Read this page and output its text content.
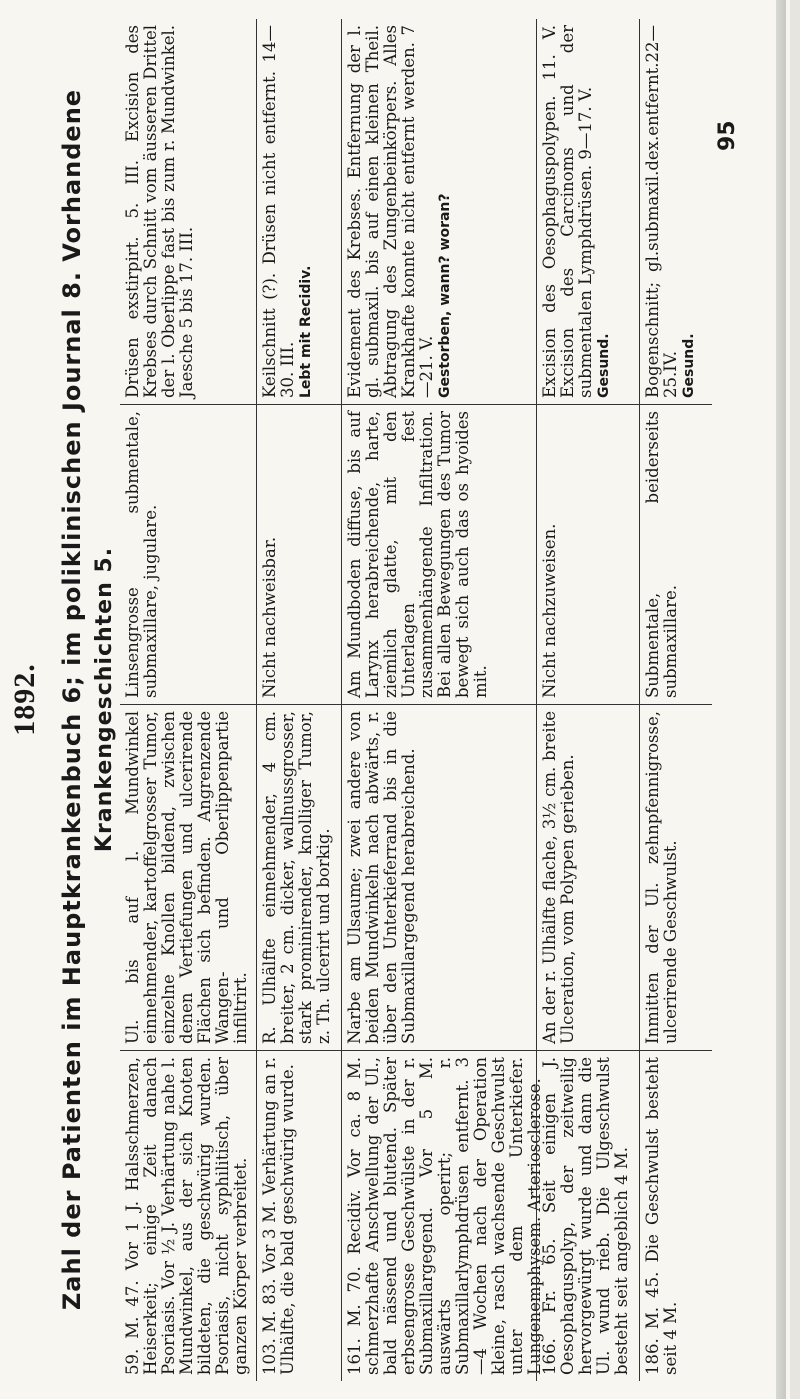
1892. Zahl der Patienten im Hauptkrankenbuch 6; im poliklinischen Journal 8. Vorhandene Krankengeschichten 5.
95
59. M. 47. Vor 1 J. Halsschmerzen, Heiserkeit; einige Zeit danach Psoriasis. Vor ½ J. Verhärtung nahe l. Mundwinkel, aus der sich Knoten bildeten, die geschwürig wurden. Psoriasis, nicht syphilitisch, über ganzen Körper verbreitet.
Ul. bis auf l. Mundwinkel einnehmender, kartoffelgrosser Tumor, einzelne Knollen bildend, zwischen denen Vertiefungen und ulcerirende Flächen sich befinden. Angrenzende Wangen- und Oberlippenpartie infiltrirt.
Linsengrosse submentale, submaxillare, jugulare.
Drüsen exstirpirt. 5. III. Excision des Krebses durch Schnitt vom äusseren Drittel der l. Oberlippe fast bis zum r. Mundwinkel. Jaesche 5 bis 17. III.
103. M. 83. Vor 3 M. Verhärtung an r. Ulhälfte, die bald geschwürig wurde.
R. Ulhälfte einnehmender, 4 cm. breiter, 2 cm. dicker, wallnussgrosser, stark prominirender, knolliger Tumor, z. Th. ulcerirt und borkig.
Nicht nachweisbar.
Keilschnitt (?). Drüsen nicht entfernt. 14—30. III. Lebt mit Recidiv.
161. M. 70. Recidiv. Vor ca. 8 M. schmerzhafte Anschwellung der Ul., bald nässend und blutend. Später erbsengrosse Geschwülste in der r. Submaxillargegend. Vor 5 M. auswärts operirt; r. Submaxillarlymphdrüsen entfernt. 3—4 Wochen nach der Operation kleine, rasch wachsende Geschwulst unter dem Unterkiefer. Lungenemphysem. Arteriosclerose.
Narbe am Ulsaume; zwei andere von beiden Mundwinkeln nach abwärts, r. über den Unterkieferrand bis in die Submaxillargegend herabreichend.
Am Mundboden diffuse, bis auf Larynx herabreichende, harte, ziemlich glatte, mit den Unterlagen fest zusammenhängende Infiltration. Bei allen Bewegungen des Tumor bewegt sich auch das os hyoides mit.
Evidement des Krebses. Entfernung der l. gl. submaxil. bis auf einen kleinen Theil. Abtragung des Zungenbeinkörpers. Alles Krankhafte konnte nicht entfernt werden. 7—21. V. Gestorben, wann? woran?
166. Fr. 65. Seit einigen J. Oesophaguspolyp, der zeitweilig hervorgewürgt wurde und dann die Ul. wund rieb. Die Ulgeschwulst besteht seit angeblich 4 M.
An der r. Ulhälfte flache, 3½ cm. breite Ulceration, vom Polypen gerieben.
Nicht nachzuweisen.
Excision des Oesophaguspolypen. 11. V. Excision des Carcinoms und der submentalen Lymphdrüsen. 9—17. V. Gesund.
186. M. 45. Die Geschwulst besteht seit 4 M.
Inmitten der Ul. zehnpfennigrosse, ulcerirende Geschwulst.
Submentale, beiderseits submaxillare.
Bogenschnitt; gl.submaxil.dex.entfernt.22—25.IV. Gesund.
